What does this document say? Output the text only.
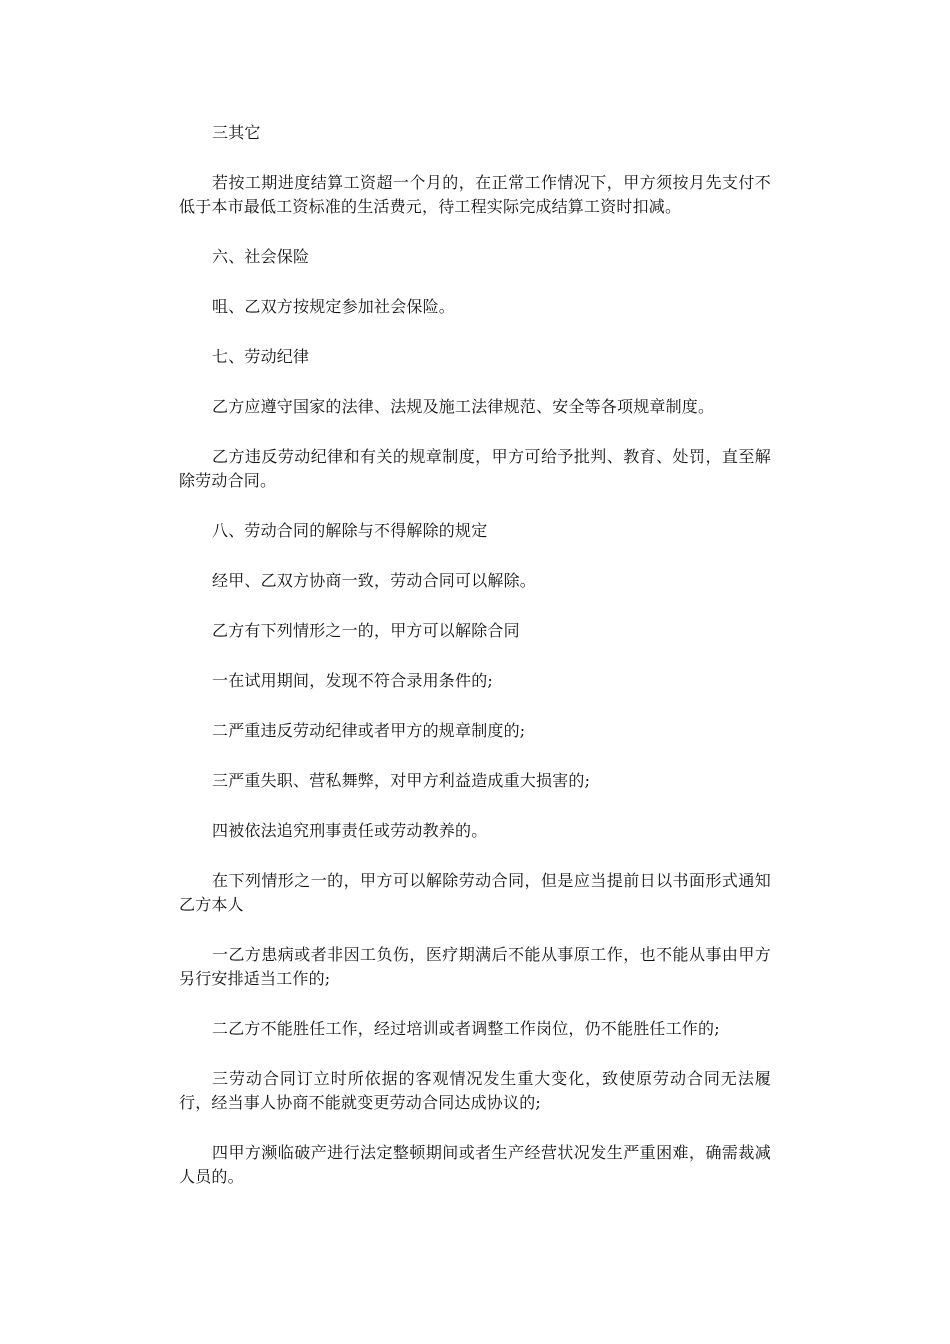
三其它

若按工期进度结算工资超一个月的，在正常工作情况下，甲方须按月先支付不低于本市最低工资标准的生活费元，待工程实际完成结算工资时扣减。

六、社会保险

咀、乙双方按规定参加社会保险。

七、劳动纪律

乙方应遵守国家的法律、法规及施工法律规范、安全等各项规章制度。

乙方违反劳动纪律和有关的规章制度，甲方可给予批判、教育、处罚，直至解除劳动合同。

八、劳动合同的解除与不得解除的规定

经甲、乙双方协商一致，劳动合同可以解除。

乙方有下列情形之一的，甲方可以解除合同

一在试用期间，发现不符合录用条件的;

二严重违反劳动纪律或者甲方的规章制度的;

三严重失职、营私舞弊，对甲方利益造成重大损害的;

四被依法追究刑事责任或劳动教养的。

在下列情形之一的，甲方可以解除劳动合同，但是应当提前日以书面形式通知乙方本人

一乙方患病或者非因工负伤，医疗期满后不能从事原工作，也不能从事由甲方另行安排适当工作的;

二乙方不能胜任工作，经过培训或者调整工作岗位，仍不能胜任工作的;

三劳动合同订立时所依据的客观情况发生重大变化，致使原劳动合同无法履行，经当事人协商不能就变更劳动合同达成协议的;

四甲方濒临破产进行法定整顿期间或者生产经营状况发生严重困难，确需裁减人员的。
